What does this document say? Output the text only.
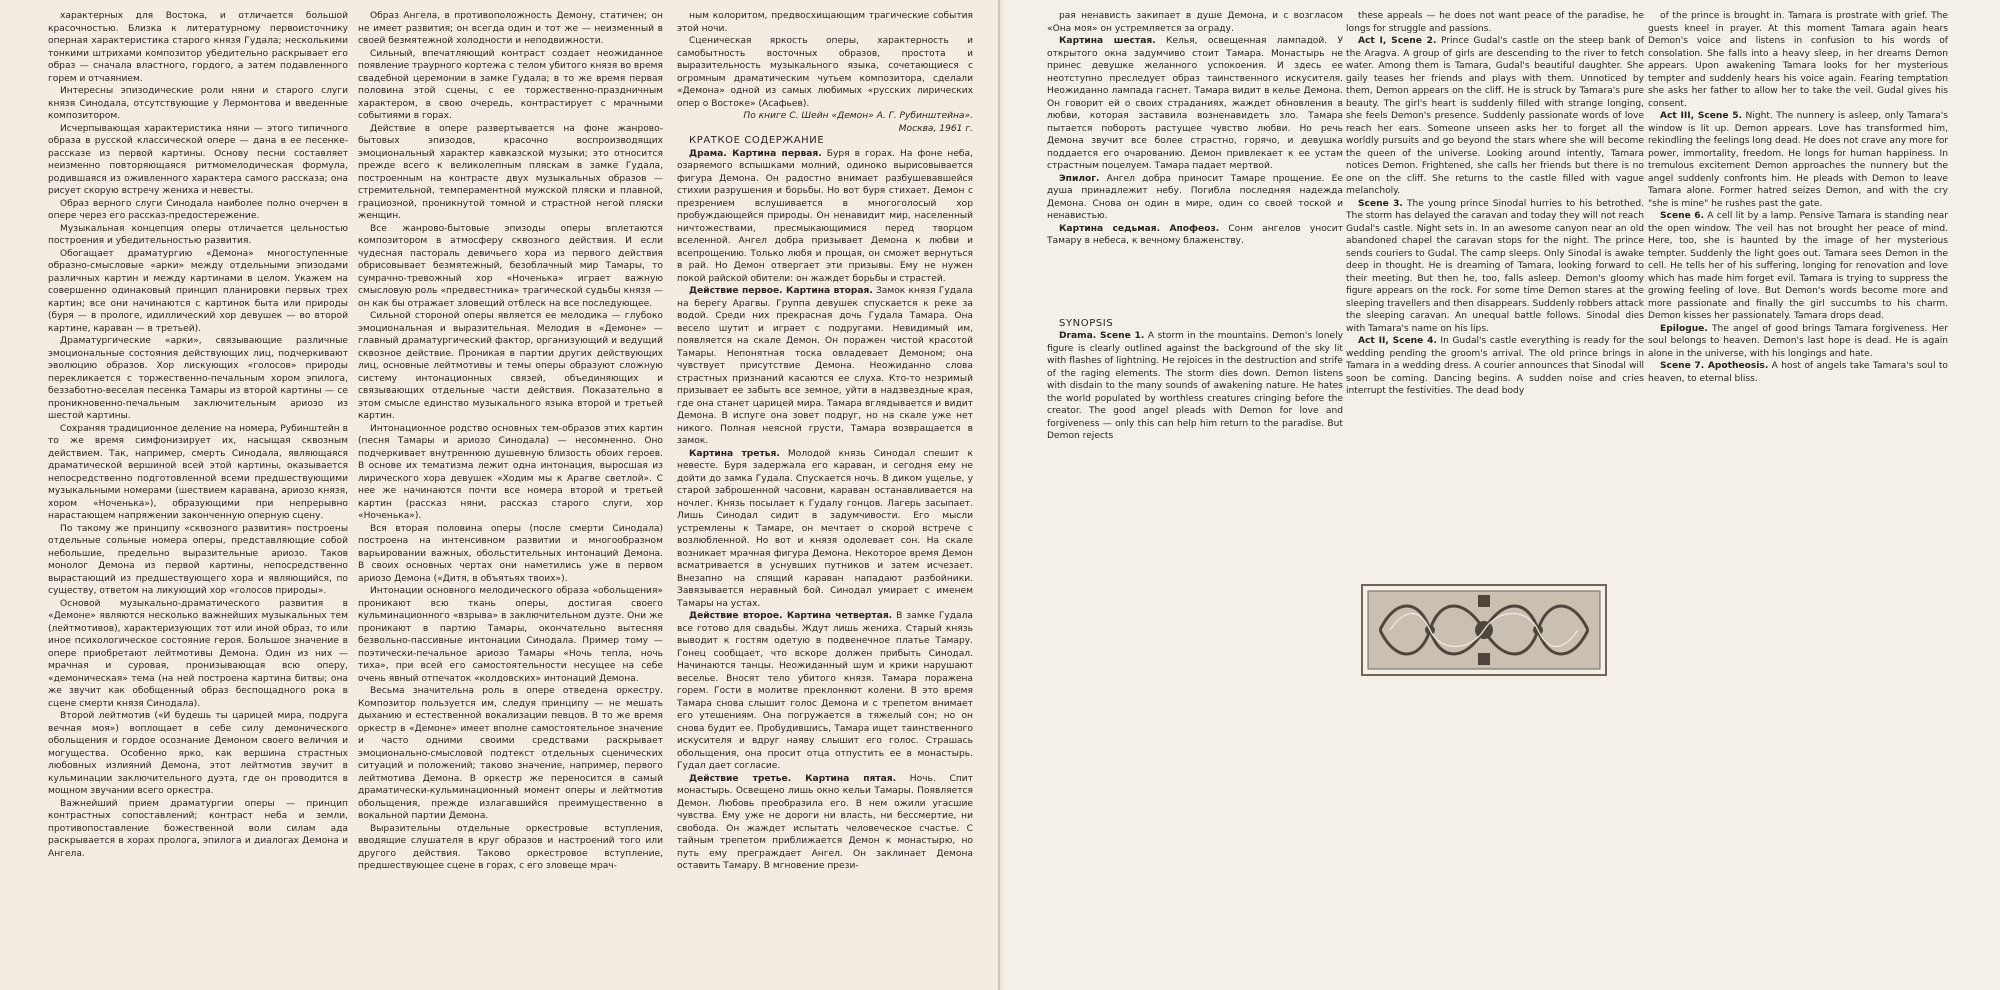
характерных для Востока, и отличается большой красочностью. Близка к литературному первоисточнику оперная характеристика старого князя Гудала; несколькими тонкими штрихами композитор убедительно раскрывает его образ — сначала властного, гордого, а затем подавленного горем и отчаянием.

Интересны эпизодические роли няни и старого слуги князя Синодала, отсутствующие у Лермонтова и введенные композитором.

Исчерпывающая характеристика няни — этого типичного образа в русской классической опере — дана в ее песенке-рассказе из первой картины. Основу песни составляет неизменно повторяющаяся ритмомелодическая формула, родившаяся из оживленного характера самого рассказа; она рисует скорую встречу жениха и невесты.

Образ верного слуги Синодала наиболее полно очерчен в опере через его рассказ-предостережение.

Музыкальная концепция оперы отличается цельностью построения и убедительностью развития.

Обогащает драматургию «Демона» многоступенные образно-смысловые «арки» между отдельными эпизодами различных картин и между картинами в целом. Укажем на совершенно одинаковый принцип планировки первых трех картин; все они начинаются с картинок быта или природы (буря — в прологе, идиллический хор девушек — во второй картине, караван — в третьей).

Драматургические «арки», связывающие различные эмоциональные состояния действующих лиц, подчеркивают эволюцию образов. Хор лискующих «голосов» природы перекликается с торжественно-печальным хором эпилога, беззаботно-веселая песенка Тамары из второй картины — се проникновенно-печальным заключительным ариозо из шестой картины.

Сохраняя традиционное деление на номера, Рубинштейн в то же время симфонизирует их, насыщая сквозным действием. Так, например, смерть Синодала, являющаяся драматической вершиной всей этой картины, оказывается непосредственно подготовленной всеми предшествующими музыкальными номерами (шествием каравана, ариозо князя, хором «Ноченька»), образующими при непрерывно нарастающем напряжении законченную оперную сцену.

По такому же принципу «сквозного развития» построены отдельные сольные номера оперы, представляющие собой небольшие, предельно выразительные ариозо. Таков монолог Демона из первой картины, непосредственно вырастающий из предшествующего хора и являющийся, по существу, ответом на ликующий хор «голосов природы».

Основой музыкально-драматического развития в «Демоне» являются несколько важнейших музыкальных тем (лейтмотивов), характеризующих тот или иной образ, то или иное психологическое состояние героя. Большое значение в опере приобретают лейтмотивы Демона. Один из них — мрачная и суровая, пронизывающая всю оперу, «демоническая» тема (на ней построена картина битвы; она же звучит как обобщенный образ беспощадного рока в сцене смерти князя Синодала).

Второй лейтмотив («И будешь ты царицей мира, подруга вечная моя») воплощает в себе силу демонического обольщения и гордое осознание Демоном своего величия и могущества. Особенно ярко, как вершина страстных любовных излияний Демона, этот лейтмотив звучит в кульминации заключительного дуэта, где он проводится в мощном звучании всего оркестра.

Важнейший прием драматургии оперы — принцип контрастных сопоставлений; контраст неба и земли, противопоставление божественной воли силам ада раскрывается в хорах пролога, эпилога и диалогах Демона и Ангела.

Образ Ангела, в противоположность Демону, статичен; он не имеет развития; он всегда один и тот же — неизменный в своей безмятежной холодности и неподвижности.

Сильный, впечатляющий контраст создает неожиданное появление траурного кортежа с телом убитого князя во время свадебной церемонии в замке Гудала; в то же время первая половина этой сцены, с ее торжественно-праздничным характером, в свою очередь, контрастирует с мрачными событиями в горах.

Действие в опере развертывается на фоне жанрово-бытовых эпизодов, красочно воспроизводящих эмоциональный характер кавказской музыки; это относится прежде всего к великолепным пляскам в замке Гудала, построенным на контрасте двух музыкальных образов — стремительной, темпераментной мужской пляски и плавной, грациозной, проникнутой томной и страстной негой пляски женщин.

Все жанрово-бытовые эпизоды оперы вплетаются композитором в атмосферу сквозного действия. И если чудесная пастораль девичьего хора из первого действия обрисовывает безмятежный, безоблачный мир Тамары, то сумрачно-тревожный хор «Ноченька» играет важную смысловую роль «предвестника» трагической судьбы князя — он как бы отражает зловещий отблеск на все последующее.

Сильной стороной оперы является ее мелодика — глубоко эмоциональная и выразительная. Мелодия в «Демоне» — главный драматургический фактор, организующий и ведущий сквозное действие. Проникая в партии других действующих лиц, основные лейтмотивы и темы оперы образуют сложную систему интонационных связей, объединяющих и связывающих отдельные части действия. Показательно в этом смысле единство музыкального языка второй и третьей картин.

Интонационное родство основных тем-образов этих картин (песня Тамары и ариозо Синодала) — несомненно. Оно подчеркивает внутреннюю душевную близость обоих героев. В основе их тематизма лежит одна интонация, выросшая из лирического хора девушек «Ходим мы к Арагве светлой». С нее же начинаются почти все номера второй и третьей картин (рассказ няни, рассказ старого слуги, хор «Ноченька»).

Вся вторая половина оперы (после смерти Синодала) построена на интенсивном развитии и многообразном варьировании важных, обольстительных интонаций Демона. В своих основных чертах они наметились уже в первом ариозо Демона («Дитя, в объятьях твоих»).

Интонации основного мелодического образа «обольщения» проникают всю ткань оперы, достигая своего кульминационного «взрыва» в заключительном дуэте. Они же проникают в партию Тамары, окончательно вытесняя безвольно-пассивные интонации Синодала. Пример тому — поэтически-печальное ариозо Тамары «Ночь тепла, ночь тиха», при всей его самостоятельности несущее на себе очень явный отпечаток «колдовских» интонаций Демона.

Весьма значительна роль в опере отведена оркестру. Композитор пользуется им, следуя принципу — не мешать дыханию и естественной вокализации певцов. В то же время оркестр в «Демоне» имеет вполне самостоятельное значение и часто одними своими средствами раскрывает эмоционально-смысловой подтекст отдельных сценических ситуаций и положений; таково значение, например, первого лейтмотива Демона. В оркестр же переносится в самый драматически-кульминационный момент оперы и лейтмотив обольщения, прежде излагавшийся преимущественно в вокальной партии Демона.

Выразительны отдельные оркестровые вступления, вводящие слушателя в круг образов и настроений того или другого действия. Таково оркестровое вступление, предшествующее сцене в горах, с его зловеще мрач-

ным колоритом, предвосхищающим трагические события этой ночи.

Сценическая яркость оперы, характерность и самобытность восточных образов, простота и выразительность музыкального языка, сочетающиеся с огромным драматическим чутьем композитора, сделали «Демона» одной из самых любимых «русских лирических опер о Востоке» (Асафьев).

По книге С. Шейн «Демон» А. Г. Рубинштейна».

Москва, 1961 г.

КРАТКОЕ СОДЕРЖАНИЕ

Драма. Картина первая. Буря в горах. На фоне неба, озаряемого вспышками молний, одиноко вырисовывается фигура Демона. Он радостно внимает разбушевавшейся стихии разрушения и борьбы. Но вот буря стихает. Демон с презрением вслушивается в многоголосый хор пробуждающейся природы. Он ненавидит мир, населенный ничтожествами, пресмыкающимися перед творцом вселенной. Ангел добра призывает Демона к любви и всепрощению. Только любя и прощая, он сможет вернуться в рай. Но Демон отвергает эти призывы. Ему не нужен покой райской обители: он жаждет борьбы и страстей.

Действие первое. Картина вторая. Замок князя Гудала на берегу Арагвы. Группа девушек спускается к реке за водой. Среди них прекрасная дочь Гудала Тамара. Она весело шутит и играет с подругами. Невидимый им, появляется на скале Демон. Он поражен чистой красотой Тамары. Непонятная тоска овладевает Демоном; она чувствует присутствие Демона. Неожиданно слова страстных признаний касаются ее слуха. Кто-то незримый призывает ее забыть все земное, уйти в надзвездные края, где она станет царицей мира. Тамара вглядывается и видит Демона. В испуге она зовет подруг, но на скале уже нет никого. Полная неясной грусти, Тамара возвращается в замок.

Картина третья. Молодой князь Синодал спешит к невесте. Буря задержала его караван, и сегодня ему не дойти до замка Гудала. Спускается ночь. В диком ущелье, у старой заброшенной часовни, караван останавливается на ночлег. Князь посылает к Гудалу гонцов. Лагерь засыпает. Лишь Синодал сидит в задумчивости. Его мысли устремлены к Тамаре, он мечтает о скорой встрече с возлюбленной. Но вот и князя одолевает сон. На скале возникает мрачная фигура Демона. Некоторое время Демон всматривается в уснувших путников и затем исчезает. Внезапно на спящий караван нападают разбойники. Завязывается неравный бой. Синодал умирает с именем Тамары на устах.

Действие второе. Картина четвертая. В замке Гудала все готово для свадьбы. Ждут лишь жениха. Старый князь выводит к гостям одетую в подвенечное платье Тамару. Гонец сообщает, что вскоре должен прибыть Синодал. Начинаются танцы. Неожиданный шум и крики нарушают веселье. Вносят тело убитого князя. Тамара поражена горем. Гости в молитве преклоняют колени. В это время Тамара снова слышит голос Демона и с трепетом внимает его утешениям. Она погружается в тяжелый сон; но он снова будит ее. Пробудившись, Тамара ищет таинственного искусителя и вдруг наяву слышит его голос. Страшась обольщения, она просит отца отпустить ее в монастырь. Гудал дает согласие.

Действие третье. Картина пятая. Ночь. Спит монастырь. Освещено лишь окно кельи Тамары. Появляется Демон. Любовь преобразила его. В нем ожили угасшие чувства. Ему уже не дороги ни власть, ни бессмертие, ни свобода. Он жаждет испытать человеческое счастье. С тайным трепетом приближается Демон к монастырю, но путь ему преграждает Ангел. Он заклинает Демона оставить Тамару. В мгновение прези-

рая ненависть закипает в душе Демона, и с возгласом «Она моя» он устремляется за ограду.

Картина шестая. Келья, освещенная лампадой. У открытого окна задумчиво стоит Тамара. Монастырь не принес девушке желанного успокоения. И здесь ее неотступно преследует образ таинственного искусителя. Неожиданно лампада гаснет. Тамара видит в келье Демона. Он говорит ей о своих страданиях, жаждет обновления в любви, которая заставила возненавидеть зло. Тамара пытается побороть растущее чувство любви. Но речь Демона звучит все более страстно, горячо, и девушка поддается его очарованию. Демон привлекает к ее устам страстным поцелуем. Тамара падает мертвой.

Эпилог. Ангел добра приносит Тамаре прощение. Ее душа принадлежит небу. Погибла последняя надежда Демона. Снова он один в мире, один со своей тоской и ненавистью.

Картина седьмая. Апофеоз. Сонм ангелов уносит Тамару в небеса, к вечному блаженству.

SYNOPSIS

Drama. Scene 1. A storm in the mountains. Demon's lonely figure is clearly outlined against the background of the sky lit with flashes of lightning. He rejoices in the destruction and strife of the raging elements. The storm dies down. Demon listens with disdain to the many sounds of awakening nature. He hates the world populated by worthless creatures cringing before the creator. The good angel pleads with Demon for love and forgiveness — only this can help him return to the paradise. But Demon rejects

these appeals — he does not want peace of the paradise, he longs for struggle and passions.

Act I, Scene 2. Prince Gudal's castle on the steep bank of the Aragva. A group of girls are descending to the river to fetch water. Among them is Tamara, Gudal's beautiful daughter. She gaily teases her friends and plays with them. Unnoticed by them, Demon appears on the cliff. He is struck by Tamara's pure beauty. The girl's heart is suddenly filled with strange longing, she feels Demon's presence. Suddenly passionate words of love reach her ears. Someone unseen asks her to forget all the worldly pursuits and go beyond the stars where she will become the queen of the universe. Looking around intently, Tamara notices Demon. Frightened, she calls her friends but there is no one on the cliff. She returns to the castle filled with vague melancholy.

Scene 3. The young prince Sinodal hurries to his betrothed. The storm has delayed the caravan and today they will not reach Gudal's castle. Night sets in. In an awesome canyon near an old abandoned chapel the caravan stops for the night. The prince sends couriers to Gudal. The camp sleeps. Only Sinodal is awake deep in thought. He is dreaming of Tamara, looking forward to their meeting. But then he, too, falls asleep. Demon's gloomy figure appears on the rock. For some time Demon stares at the sleeping travellers and then disappears. Suddenly robbers attack the sleeping caravan. An unequal battle follows. Sinodal dies with Tamara's name on his lips.

Act II, Scene 4. In Gudal's castle everything is ready for the wedding pending the groom's arrival. The old prince brings in Tamara in a wedding dress. A courier announces that Sinodal will soon be coming. Dancing begins. A sudden noise and cries interrupt the festivities. The dead body

of the prince is brought in. Tamara is prostrate with grief. The guests kneel in prayer. At this moment Tamara again hears Demon's voice and listens in confusion to his words of consolation. She falls into a heavy sleep, in her dreams Demon appears. Upon awakening Tamara looks for her mysterious tempter and suddenly hears his voice again. Fearing temptation she asks her father to allow her to take the veil. Gudal gives his consent.

Act III, Scene 5. Night. The nunnery is asleep, only Tamara's window is lit up. Demon appears. Love has transformed him, rekindling the feelings long dead. He does not crave any more for power, immortality, freedom. He longs for human happiness. In tremulous excitement Demon approaches the nunnery but the angel suddenly confronts him. He pleads with Demon to leave Tamara alone. Former hatred seizes Demon, and with the cry "she is mine" he rushes past the gate.

Scene 6. A cell lit by a lamp. Pensive Tamara is standing near the open window. The veil has not brought her peace of mind. Here, too, she is haunted by the image of her mysterious tempter. Suddenly the light goes out. Tamara sees Demon in the cell. He tells her of his suffering, longing for renovation and love which has made him forget evil. Tamara is trying to suppress the growing feeling of love. But Demon's words become more and more passionate and finally the girl succumbs to his charm. Demon kisses her passionately. Tamara drops dead.

Epilogue. The angel of good brings Tamara forgiveness. Her soul belongs to heaven. Demon's last hope is dead. He is again alone in the universe, with his longings and hate.

Scene 7. Apotheosis. A host of angels take Tamara's soul to heaven, to eternal bliss.
